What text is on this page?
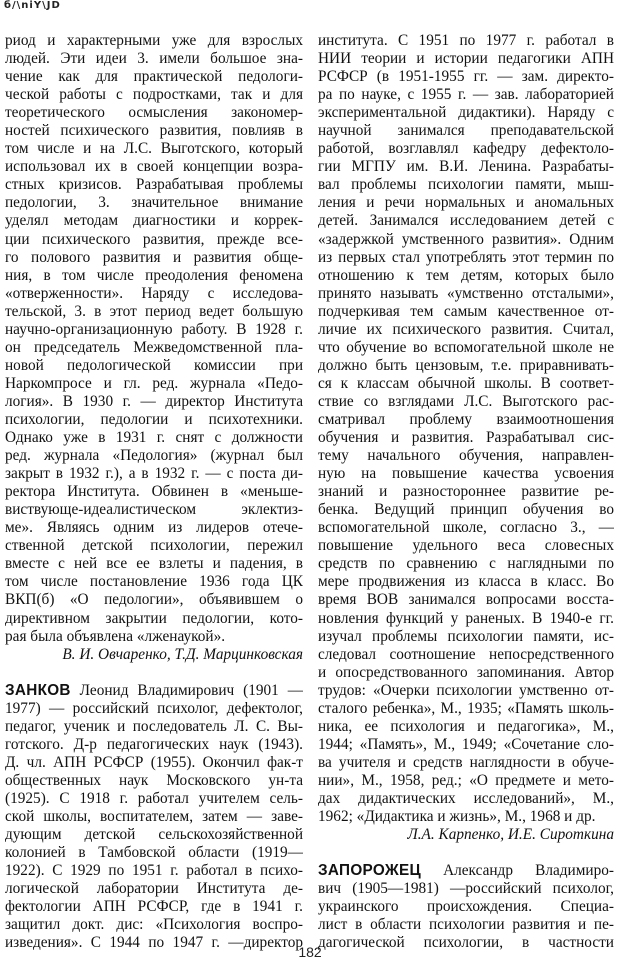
б/\niY\JD
риод и характерными уже для взрослых
людей. Эти идеи 3. имели большое зна-
чение как для практической педологи-
ческой работы с подростками, так и для
теоретического осмысления закономер-
ностей психического развития, повлияв в
том числе и на Л.С. Выготского, который
использовал их в своей концепции возра-
стных кризисов. Разрабатывая проблемы
педологии, 3. значительное внимание
уделял методам диагностики и коррек-
ции психического развития, прежде все-
го полового развития и развития обще-
ния, в том числе преодоления феномена
«отверженности». Наряду с исследова-
тельской, 3. в этот период ведет большую
научно-организационную работу. В 1928 г.
он председатель Межведомственной пла-
новой педологической комиссии при
Наркомпросе и гл. ред. журнала «Педо-
логия». В 1930 г. — директор Института
психологии, педологии и психотехники.
Однако уже в 1931 г. снят с должности
ред. журнала «Педология» (журнал был
закрыт в 1932 г.), а в 1932 г. — с поста ди-
ректора Института. Обвинен в «меньше-
виствующе-идеалистическом эклектиз-
ме». Являясь одним из лидеров отече-
ственной детской психологии, пережил
вместе с ней все ее взлеты и падения, в
том числе постановление 1936 года ЦК
ВКП(б) «О педологии», объявившем о
директивном закрытии педологии, кото-
рая была объявлена «лженаукой».
В. И. Овчаренко, Т.Д. Марцинковская
ЗАНКОВ Леонид Владимирович (1901 —
1977) — российский психолог, дефектолог,
педагог, ученик и последователь Л. С. Вы-
готского. Д-р педагогических наук (1943).
Д. чл. АПН РСФСР (1955). Окончил фак-т
общественных наук Московского ун-та
(1925). С 1918 г. работал учителем сель-
ской школы, воспитателем, затем — заве-
дующим детской сельскохозяйственной
колонией в Тамбовской области (1919—
1922). С 1929 по 1951 г. работал в психо-
логической лаборатории Института де-
фектологии АПН РСФСР, где в 1941 г.
защитил докт. дис: «Психология воспро-
изведения». С 1944 по 1947 г. —директор
института. С 1951 по 1977 г. работал в
НИИ теории и истории педагогики АПН
РСФСР (в 1951-1955 гг. — зам. директо-
ра по науке, с 1955 г. — зав. лабораторией
экспериментальной дидактики). Наряду с
научной занимался преподавательской
работой, возглавлял кафедру дефектоло-
гии МГПУ им. В.И. Ленина. Разрабаты-
вал проблемы психологии памяти, мыш-
ления и речи нормальных и аномальных
детей. Занимался исследованием детей с
«задержкой умственного развития». Одним
из первых стал употреблять этот термин по
отношению к тем детям, которых было
принято называть «умственно отсталыми»,
подчеркивая тем самым качественное от-
личие их психического развития. Считал,
что обучение во вспомогательной школе не
должно быть цензовым, т.е. приравнивать-
ся к классам обычной школы. В соответ-
ствие со взглядами Л.С. Выготского рас-
сматривал проблему взаимоотношения
обучения и развития. Разрабатывал сис-
тему начального обучения, направлен-
ную на повышение качества усвоения
знаний и разностороннее развитие ре-
бенка. Ведущий принцип обучения во
вспомогательной школе, согласно 3., —
повышение удельного веса словесных
средств по сравнению с наглядными по
мере продвижения из класса в класс. Во
время ВОВ занимался вопросами восста-
новления функций у раненых. В 1940-е гг.
изучал проблемы психологии памяти, ис-
следовал соотношение непосредственного
и опосредствованного запоминания. Автор
трудов: «Очерки психологии умственно от-
сталого ребенка», М., 1935; «Память школь-
ника, ее психология и педагогика», М.,
1944; «Память», М., 1949; «Сочетание сло-
ва учителя и средств наглядности в обуче-
нии», М., 1958, ред.; «О предмете и мето-
дах дидактических исследований», М.,
1962; «Дидактика и жизнь», М., 1968 и др.
Л.А. Карпенко, И.Е. Сироткина
ЗАПОРОЖЕЦ Александр Владимиро-
вич (1905—1981) —российский психолог,
украинского происхождения. Специа-
лист в области психологии развития и пе-
дагогической психологии, в частности
182
